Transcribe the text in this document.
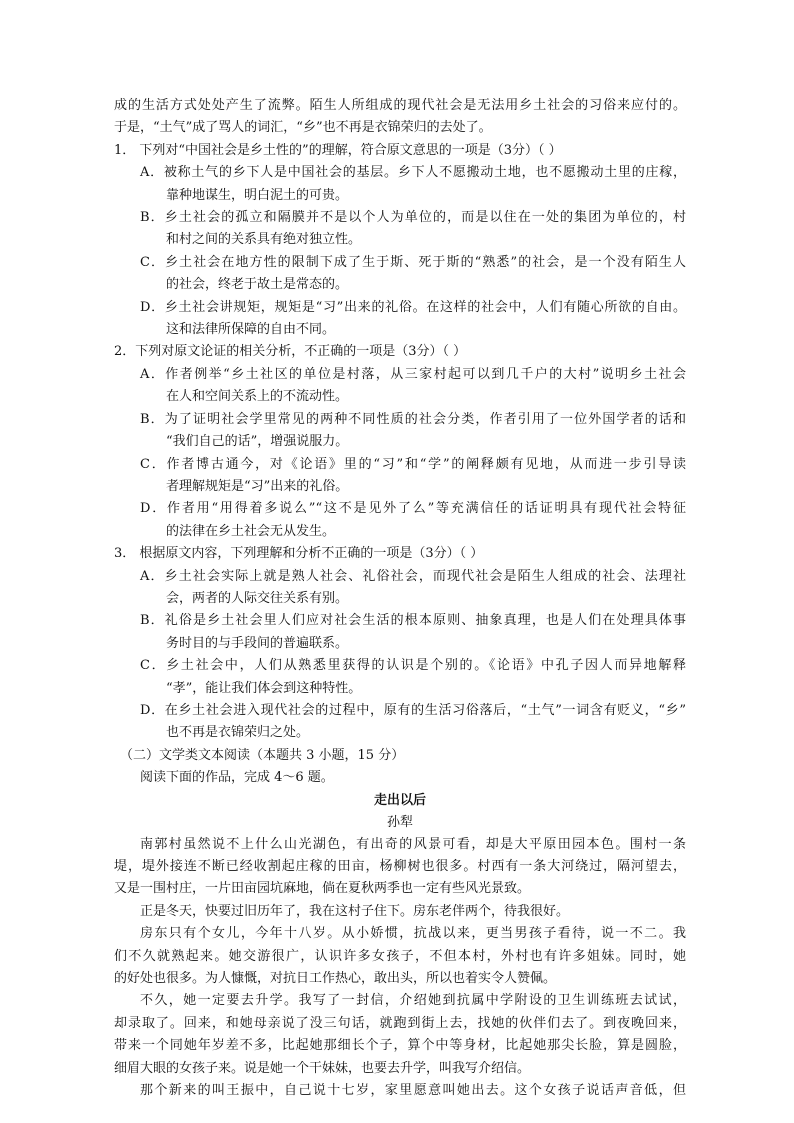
成的生活方式处处产生了流弊。陌生人所组成的现代社会是无法用乡土社会的习俗来应付的。
于是，“土气”成了骂人的词汇，“乡”也不再是衣锦荣归的去处了。
1． 下列对“中国社会是乡土性的”的理解，符合原文意思的一项是（3分）（ ）
A．被称土气的乡下人是中国社会的基层。乡下人不愿搬动土地，也不愿搬动土里的庄稼，
靠种地谋生，明白泥土的可贵。
B．乡土社会的孤立和隔膜并不是以个人为单位的，而是以住在一处的集团为单位的，村
和村之间的关系具有绝对独立性。
C．乡土社会在地方性的限制下成了生于斯、死于斯的“熟悉”的社会，是一个没有陌生人
的社会，终老于故土是常态的。
D．乡土社会讲规矩，规矩是“习”出来的礼俗。在这样的社会中，人们有随心所欲的自由。
这和法律所保障的自由不同。
2．下列对原文论证的相关分析，不正确的一项是（3分）（ ）
A．作者例举“乡土社区的单位是村落，从三家村起可以到几千户的大村”说明乡土社会
在人和空间关系上的不流动性。
B．为了证明社会学里常见的两种不同性质的社会分类，作者引用了一位外国学者的话和
“我们自己的话”，增强说服力。
C．作者博古通今，对《论语》里的“习”和“学”的阐释颇有见地，从而进一步引导读
者理解规矩是“习”出来的礼俗。
D．作者用“用得着多说么”“这不是见外了么”等充满信任的话证明具有现代社会特征
的法律在乡土社会无从发生。
3． 根据原文内容，下列理解和分析不正确的一项是（3分）（ ）
A．乡土社会实际上就是熟人社会、礼俗社会，而现代社会是陌生人组成的社会、法理社
会，两者的人际交往关系有别。
B．礼俗是乡土社会里人们应对社会生活的根本原则、抽象真理，也是人们在处理具体事
务时目的与手段间的普遍联系。
C．乡土社会中，人们从熟悉里获得的认识是个别的。《论语》中孔子因人而异地解释
“孝”，能让我们体会到这种特性。
D．在乡土社会进入现代社会的过程中，原有的生活习俗落后，“土气”一词含有贬义，“乡”
也不再是衣锦荣归之处。
（二）文学类文本阅读（本题共 3 小题，15 分）
阅读下面的作品，完成 4～6 题。
走出以后
孙犁
南郭村虽然说不上什么山光湖色，有出奇的风景可看，却是大平原田园本色。围村一条
堤，堤外接连不断已经收割起庄稼的田亩，杨柳树也很多。村西有一条大河绕过，隔河望去，
又是一围村庄，一片田亩园坑麻地，倘在夏秋两季也一定有些风光景致。
正是冬天，快要过旧历年了，我在这村子住下。房东老伴两个，待我很好。
房东只有个女儿，今年十八岁。从小娇惯，抗战以来，更当男孩子看待，说一不二。我
们不久就熟起来。她交游很广，认识许多女孩子，不但本村，外村也有许多姐妹。同时，她
的好处也很多。为人慷慨，对抗日工作热心，敢出头，所以也着实令人赞佩。
不久，她一定要去升学。我写了一封信，介绍她到抗属中学附设的卫生训练班去试试，
却录取了。回来，和她母亲说了没三句话，就跑到街上去，找她的伙伴们去了。到夜晚回来，
带来一个同她年岁差不多，比起她那细长个子，算个中等身材，比起她那尖长脸，算是圆脸，
细眉大眼的女孩子来。说是她一个干妹妹，也要去升学，叫我写介绍信。
那个新来的叫王振中，自己说十七岁，家里愿意叫她出去。这个女孩子说话声音低，但
